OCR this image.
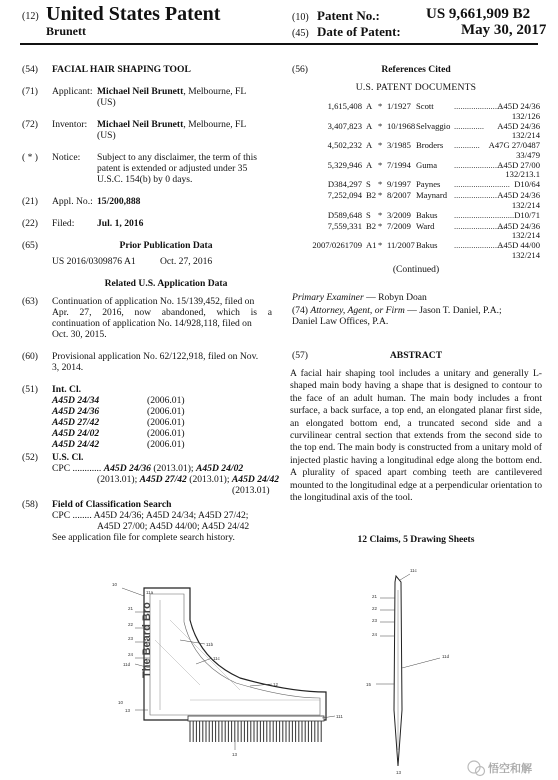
(12) United States Patent
Brunett
(10) Patent No.:	US 9,661,909 B2
(45) Date of Patent:	May 30, 2017
(54) FACIAL HAIR SHAPING TOOL
(71) Applicant: Michael Neil Brunett, Melbourne, FL
(US)
(72) Inventor: Michael Neil Brunett, Melbourne, FL
(US)
( * ) Notice: Subject to any disclaimer, the term of this
patent is extended or adjusted under 35
U.S.C. 154(b) by 0 days.
(21) Appl. No.: 15/200,888
(22) Filed: Jul. 1, 2016
(65)	Prior Publication Data
US 2016/0309876 A1	Oct. 27, 2016
Related U.S. Application Data
(63) Continuation of application No. 15/139,452, filed on
Apr. 27, 2016, now abandoned, which is a
continuation of application No. 14/928,118, filed on
Oct. 30, 2015.
(60) Provisional application No. 62/122,918, filed on Nov.
3, 2014.
(51) Int. Cl.
A45D 24/34	(2006.01)
A45D 24/36	(2006.01)
A45D 27/42	(2006.01)
A45D 24/02	(2006.01)
A45D 24/42	(2006.01)
(52) U.S. Cl.
CPC ............ A45D 24/36 (2013.01); A45D 24/02
(2013.01); A45D 27/42 (2013.01); A45D 24/42
(2013.01)
(58) Field of Classification Search
CPC ........ A45D 24/36; A45D 24/34; A45D 27/42;
A45D 27/00; A45D 44/00; A45D 24/42
See application file for complete search history.
(56)	References Cited
U.S. PATENT DOCUMENTS
1,615,408 A * 1/1927 Scott ......................
A45D 24/36
132/126
3,407,823 A * 10/1968 Selvaggio .............. A45D 24/36
132/214
4,502,232 A * 3/1985 Broders ............ A47G 27/0487
33/479
5,329,946 A * 7/1994 Guma ......................
A45D 27/00
132/213.1
D384,297 S * 9/1997 Paynes .......................... D10/64
7,252,094 B2 * 8/2007 Maynard .................... A45D 24/36
132/214
D589,648 S * 3/2009 Bakus ............................ D10/71
7,559,331 B2 * 7/2009 Ward ........................
A45D 24/36
132/214
2007/0261709 A1 * 11/2007 Bakus ......................
A45D 44/00
132/214
(Continued)
Primary Examiner — Robyn Doan
(74) Attorney, Agent, or Firm — Jason T. Daniel, P.A.;
Daniel Law Offices, P.A.
(57)	ABSTRACT
A facial hair shaping tool includes a unitary and generally L-shaped main body having a shape that is designed to contour to the face of an adult human. The main body includes a front surface, a back surface, a top end, an elongated planar first side, an elongated bottom end, a truncated second side and a curvilinear central section that extends from the second side to the top end. The main body is constructed from a unitary mold of injected plastic having a longitudinal edge along the bottom end. A plurality of spaced apart combing teeth are cantilevered mounted to the longitudinal edge at a perpendicular orientation to the longitudinal axis of the tool.
12 Claims, 5 Drawing Sheets
The Beard Bro
10
11a
21
22
23
24
11b
11c
11d
12
13
111
10
13
11c
21
22
23
24
11d
15
13	悟空和解
